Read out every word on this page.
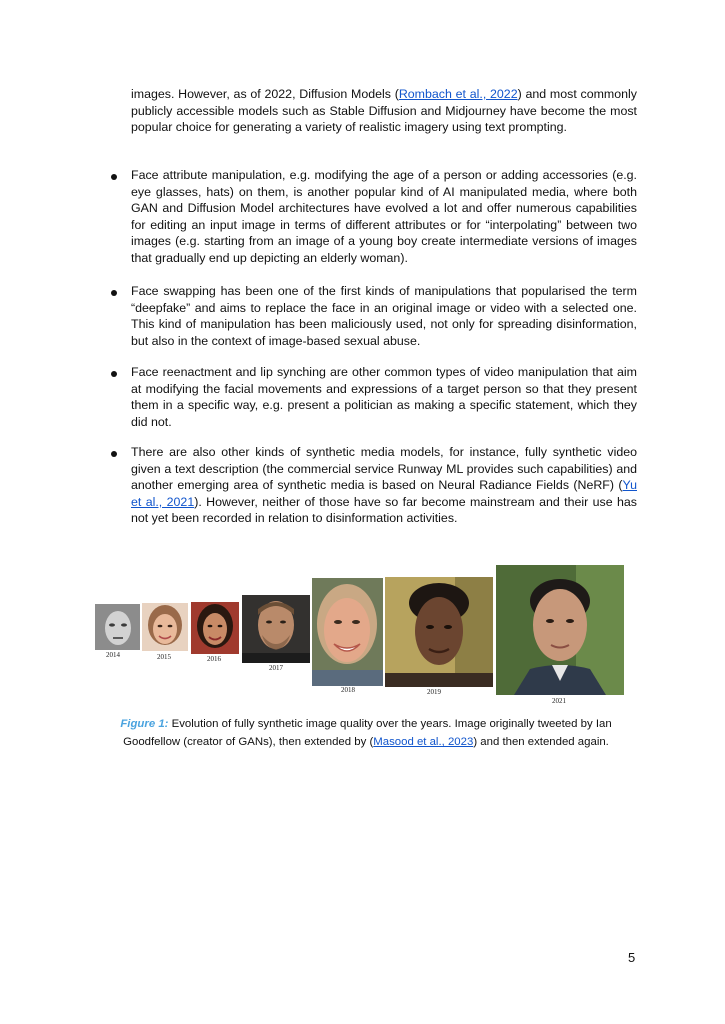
images. However, as of 2022, Diffusion Models (Rombach et al., 2022) and most commonly publicly accessible models such as Stable Diffusion and Midjourney have become the most popular choice for generating a variety of realistic imagery using text prompting.

Face attribute manipulation, e.g. modifying the age of a person or adding accessories (e.g. eye glasses, hats) on them, is another popular kind of AI manipulated media, where both GAN and Diffusion Model architectures have evolved a lot and offer numerous capabilities for editing an input image in terms of different attributes or for “interpolating” between two images (e.g. starting from an image of a young boy create intermediate versions of images that gradually end up depicting an elderly woman).

Face swapping has been one of the first kinds of manipulations that popularised the term “deepfake” and aims to replace the face in an original image or video with a selected one. This kind of manipulation has been maliciously used, not only for spreading disinformation, but also in the context of image-based sexual abuse.

Face reenactment and lip synching are other common types of video manipulation that aim at modifying the facial movements and expressions of a target person so that they present them in a specific way, e.g. present a politician as making a specific statement, which they did not.

There are also other kinds of synthetic media models, for instance, fully synthetic video given a text description (the commercial service Runway ML provides such capabilities) and another emerging area of synthetic media is based on Neural Radiance Fields (NeRF) (Yu et al., 2021). However, neither of those have so far become mainstream and their use has not yet been recorded in relation to disinformation activities.

2014	2015	2016
2017
2018	2019
2021

Figure 1: Evolution of fully synthetic image quality over the years. Image originally tweeted by Ian Goodfellow (creator of GANs), then extended by (Masood et al., 2023) and then extended again.

5
